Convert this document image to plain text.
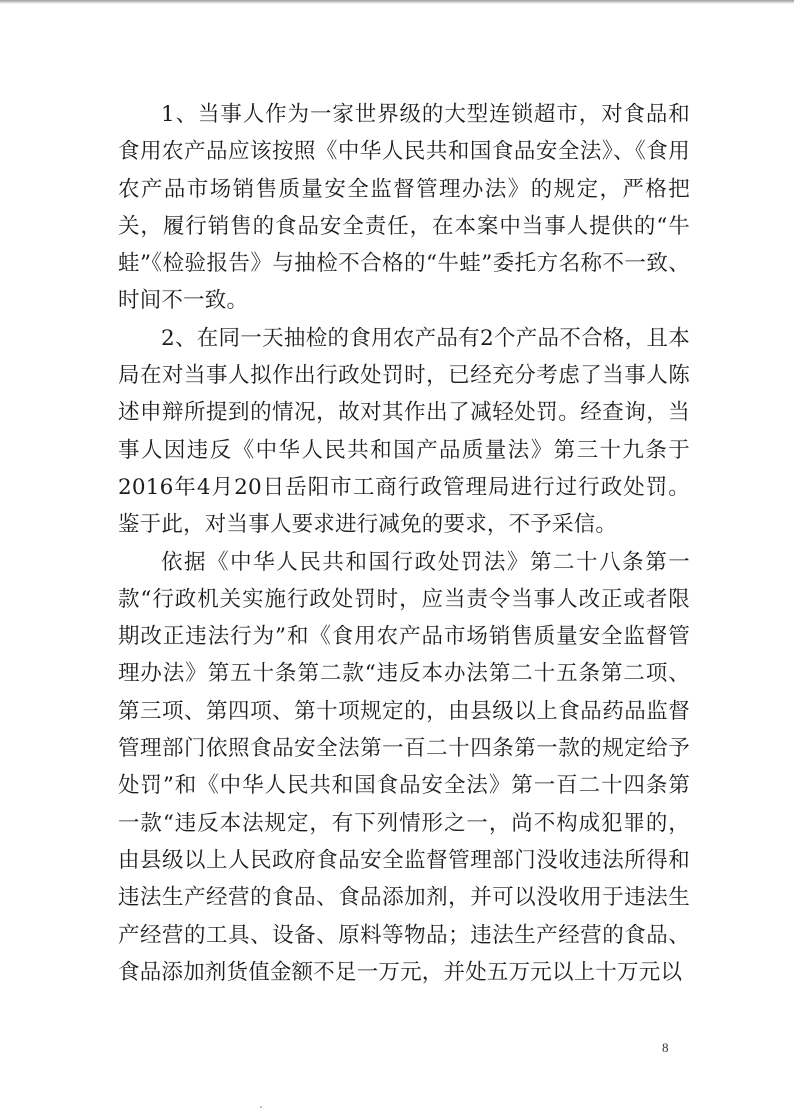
1、当事人作为一家世界级的大型连锁超市，对食品和食用农产品应该按照《中华人民共和国食品安全法》、《食用农产品市场销售质量安全监督管理办法》的规定，严格把关，履行销售的食品安全责任，在本案中当事人提供的“牛蛙”《检验报告》与抽检不合格的“牛蛙”委托方名称不一致、时间不一致。

2、在同一天抽检的食用农产品有2个产品不合格，且本局在对当事人拟作出行政处罚时，已经充分考虑了当事人陈述申辩所提到的情况，故对其作出了减轻处罚。经查询，当事人因违反《中华人民共和国产品质量法》第三十九条于2016年4月20日岳阳市工商行政管理局进行过行政处罚。鉴于此，对当事人要求进行减免的要求，不予采信。

依据《中华人民共和国行政处罚法》第二十八条第一款“行政机关实施行政处罚时，应当责令当事人改正或者限期改正违法行为”和《食用农产品市场销售质量安全监督管理办法》第五十条第二款“违反本办法第二十五条第二项、第三项、第四项、第十项规定的，由县级以上食品药品监督管理部门依照食品安全法第一百二十四条第一款的规定给予处罚”和《中华人民共和国食品安全法》第一百二十四条第一款“违反本法规定，有下列情形之一，尚不构成犯罪的，由县级以上人民政府食品安全监督管理部门没收违法所得和违法生产经营的食品、食品添加剂，并可以没收用于违法生产经营的工具、设备、原料等物品；违法生产经营的食品、食品添加剂货值金额不足一万元，并处五万元以上十万元以

8
